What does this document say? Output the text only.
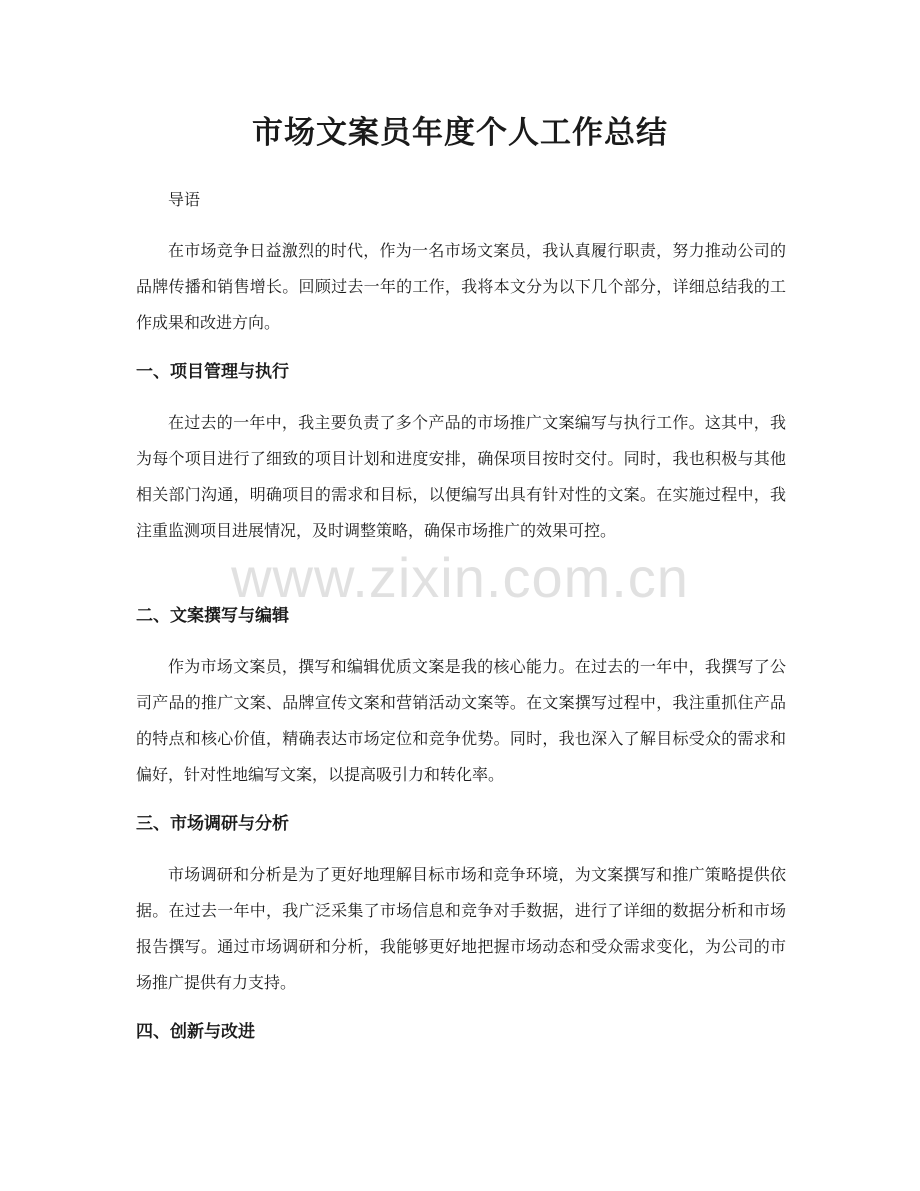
市场文案员年度个人工作总结

导语

在市场竞争日益激烈的时代，作为一名市场文案员，我认真履行职责，努力推动公司的品牌传播和销售增长。回顾过去一年的工作，我将本文分为以下几个部分，详细总结我的工作成果和改进方向。

一、项目管理与执行

在过去的一年中，我主要负责了多个产品的市场推广文案编写与执行工作。这其中，我为每个项目进行了细致的项目计划和进度安排，确保项目按时交付。同时，我也积极与其他相关部门沟通，明确项目的需求和目标，以便编写出具有针对性的文案。在实施过程中，我注重监测项目进展情况，及时调整策略，确保市场推广的效果可控。

二、文案撰写与编辑

作为市场文案员，撰写和编辑优质文案是我的核心能力。在过去的一年中，我撰写了公司产品的推广文案、品牌宣传文案和营销活动文案等。在文案撰写过程中，我注重抓住产品的特点和核心价值，精确表达市场定位和竞争优势。同时，我也深入了解目标受众的需求和偏好，针对性地编写文案，以提高吸引力和转化率。

三、市场调研与分析

市场调研和分析是为了更好地理解目标市场和竞争环境，为文案撰写和推广策略提供依据。在过去一年中，我广泛采集了市场信息和竞争对手数据，进行了详细的数据分析和市场报告撰写。通过市场调研和分析，我能够更好地把握市场动态和受众需求变化，为公司的市场推广提供有力支持。

四、创新与改进
www.zixin.com.cn
